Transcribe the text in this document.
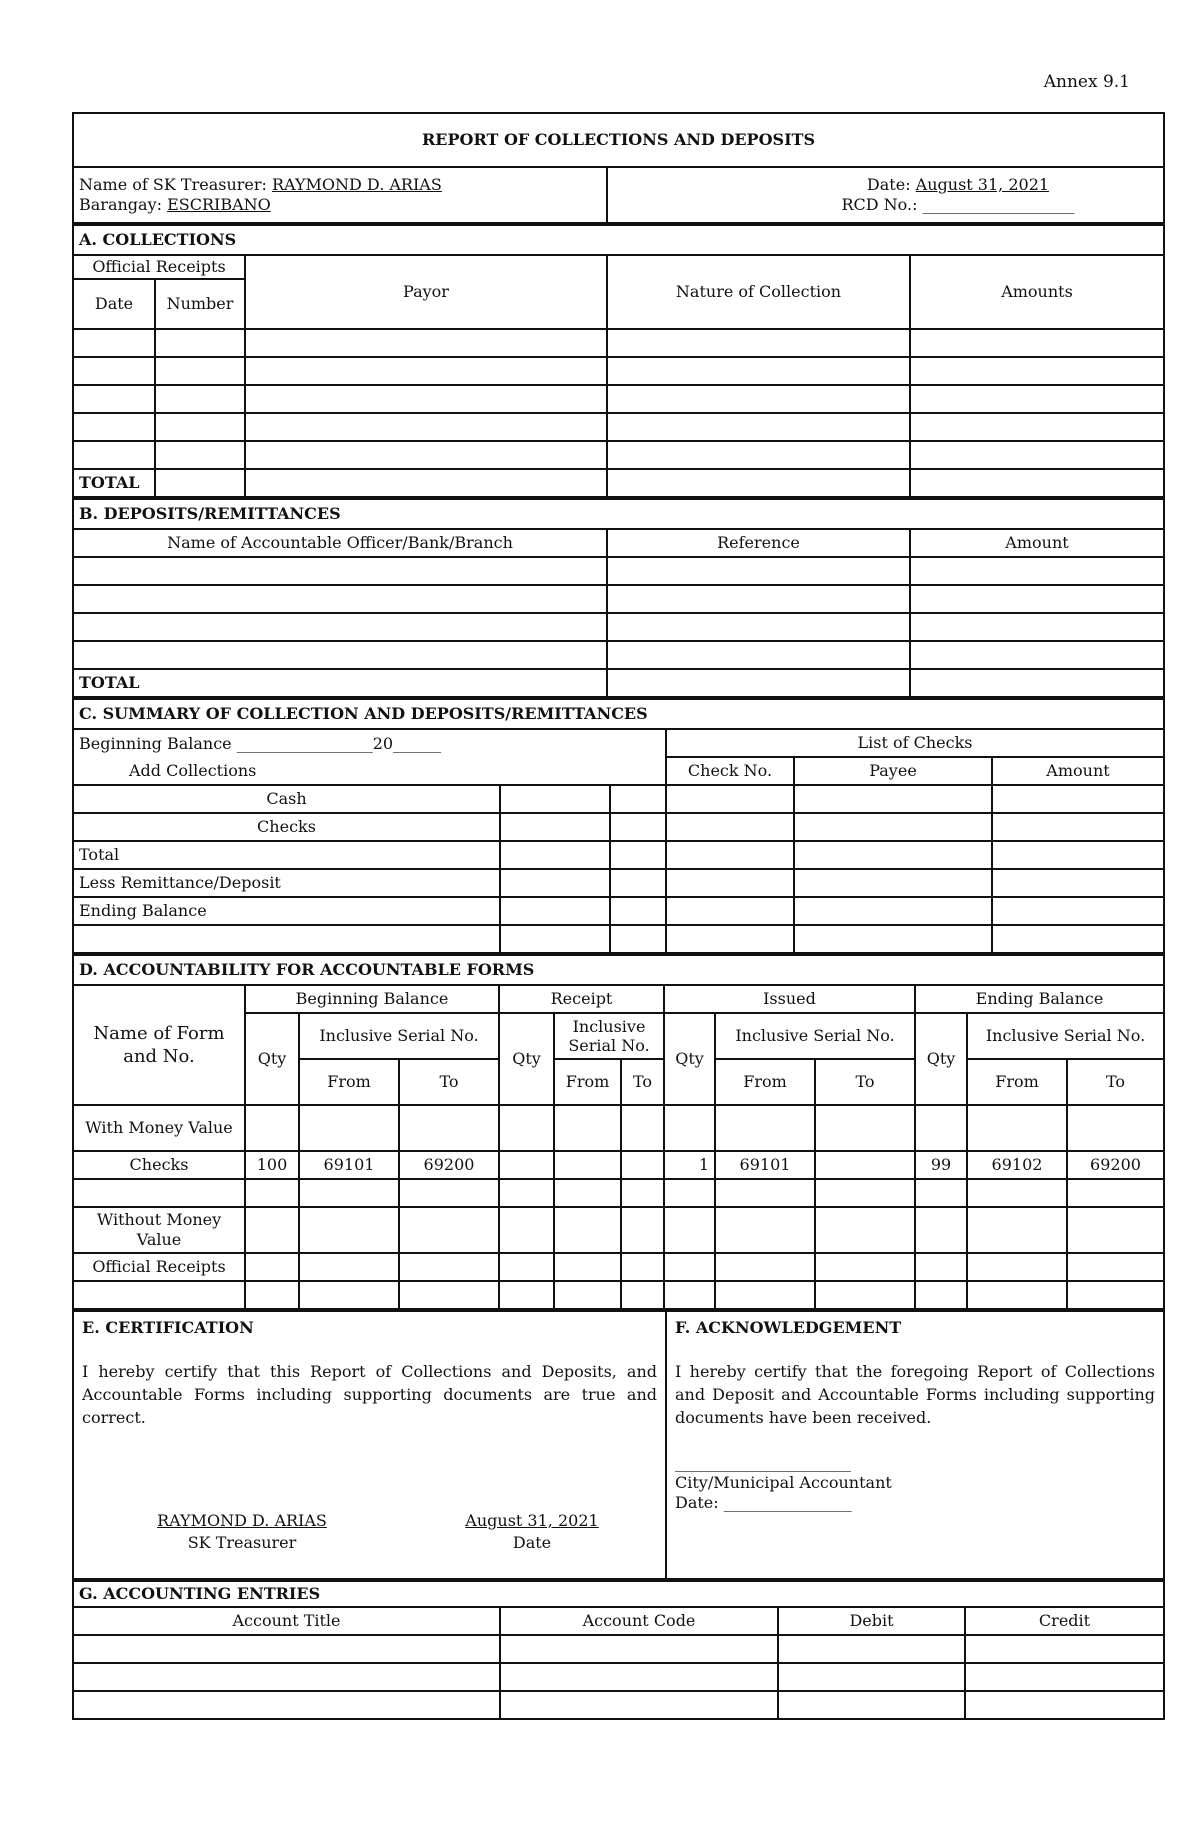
Annex 9.1
REPORT OF COLLECTIONS AND DEPOSITS

Name of SK Treasurer: RAYMOND D. ARIAS
Barangay: ESCRIBANO

Date: August 31, 2021
RCD No.: ___________________
A. COLLECTIONS				
Official Receipts		Payor	Nature of Collection	Amounts
Date	Number			

TOTAL				
B. DEPOSITS/REMITTANCES		
Name of Accountable Officer/Bank/Branch	Reference	Amount

TOTAL		
C. SUMMARY OF COLLECTION AND DEPOSITS/REMITTANCES					
Beginning Balance _________________20______			List of Checks		
Add Collections			Check No.	Payee	Amount
Cash					
Checks					
Total					
Less Remittance/Deposit					
Ending Balance					

D. ACCOUNTABILITY FOR ACCOUNTABLE FORMS												
Name of Form and No.	Beginning Balance			Receipt			Issued			Ending Balance		
	Qty	Inclusive Serial No.		Qty	Inclusive Serial No.		Qty	Inclusive Serial No.		Qty	Inclusive Serial No.	
		From	To		From	To		From	To		From	To
With Money Value												
Checks	100	69101	69200				1	69101		99	69102	69200

Without Money Value												
Official Receipts												

E. CERTIFICATION
I hereby certify that this Report of Collections and Deposits, and Accountable Forms including supporting documents are true and correct.
RAYMOND D. ARIAS
SK Treasurer
August 31, 2021
Date

F. ACKNOWLEDGEMENT
I hereby certify that the foregoing Report of Collections and Deposit and Accountable Forms including supporting documents have been received.
______________________
City/Municipal Accountant
Date: ________________
G. ACCOUNTING ENTRIES			
Account Title	Account Code	Debit	Credit
